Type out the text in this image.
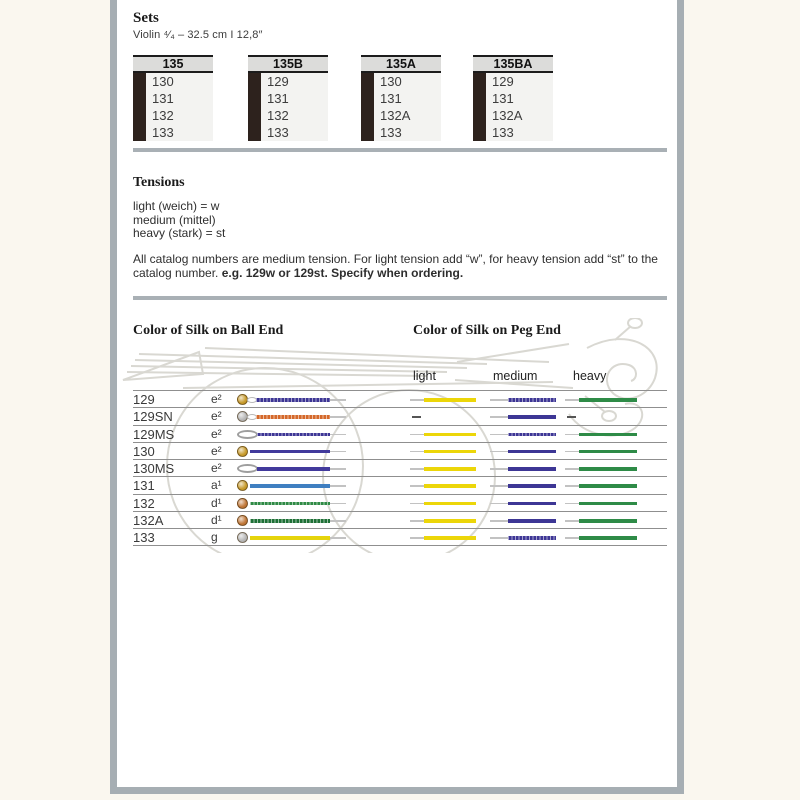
Sets
Violin ⁴⁄₄ – 32.5 cm I 12,8″
135
130
131
132
133
135B
129
131
132
133
135A
130
131
132A
133
135BA
129
131
132A
133
Tensions
light (weich) = w
medium (mittel)
heavy (stark) = st
All catalog numbers are medium tension. For light tension add “w”, for heavy tension add “st” to the catalog number. e.g. 129w or 129st. Specify when ordering.
Color of Silk on Ball End	Color of Silk on Peg End
light	medium	heavy
129	e²
129SN	e²
129MS	e²
130	e²
130MS	e²
131	a¹
132	d¹
132A	d¹
133	g
